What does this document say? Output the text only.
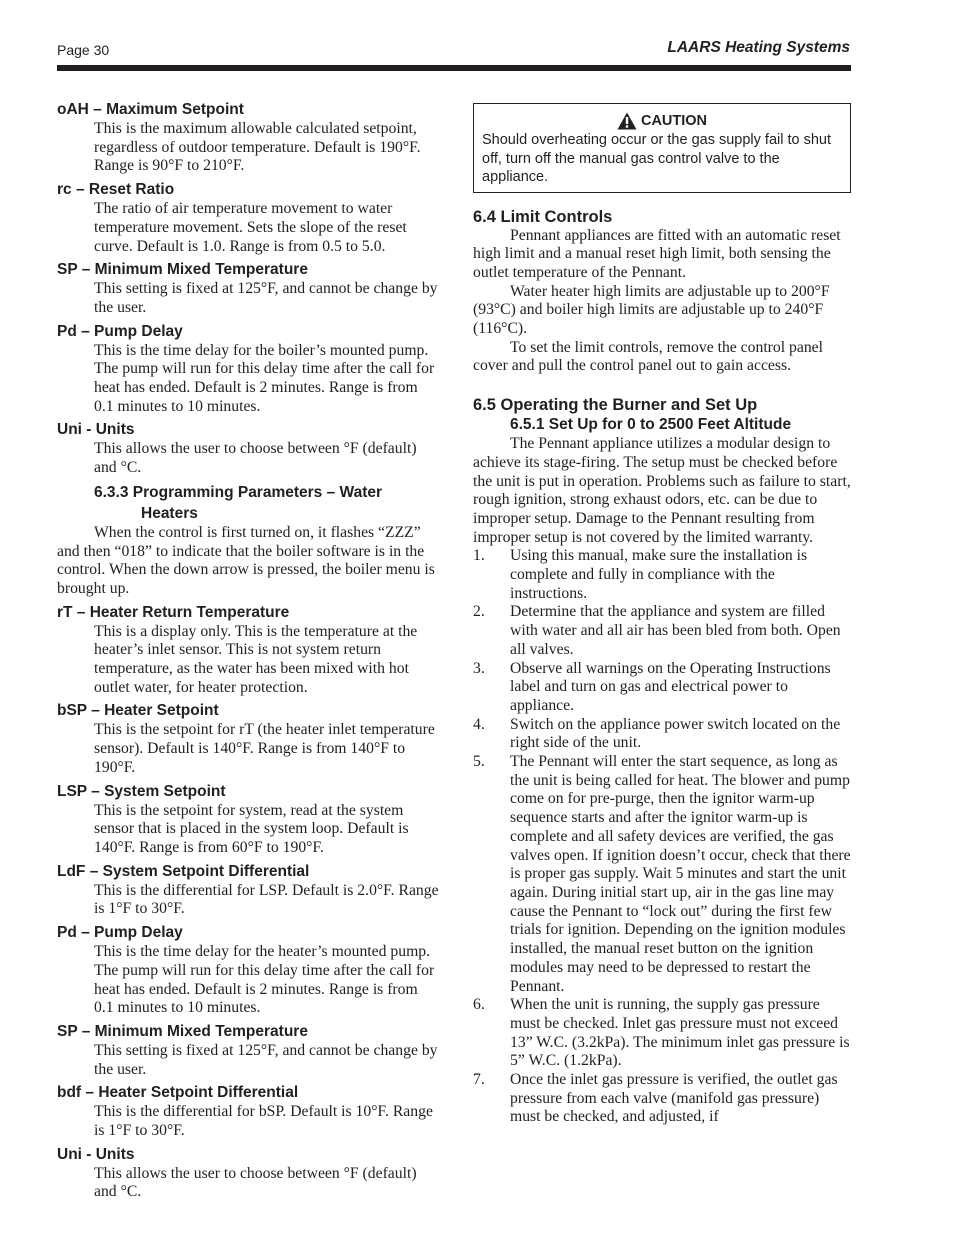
Page 30	LAARS Heating Systems
oAH – Maximum Setpoint
This is the maximum allowable calculated setpoint, regardless of outdoor temperature. Default is 190°F. Range is 90°F to 210°F.
rc – Reset Ratio
The ratio of air temperature movement to water temperature movement. Sets the slope of the reset curve. Default is 1.0. Range is from 0.5 to 5.0.
SP – Minimum Mixed Temperature
This setting is fixed at 125°F, and cannot be change by the user.
Pd – Pump Delay
This is the time delay for the boiler’s mounted pump. The pump will run for this delay time after the call for heat has ended. Default is 2 minutes. Range is from 0.1 minutes to 10 minutes.
Uni - Units
This allows the user to choose between °F (default) and °C.
6.3.3 Programming Parameters – Water
Heaters
When the control is first turned on, it flashes “ZZZ” and then “018” to indicate that the boiler software is in the control. When the down arrow is pressed, the boiler menu is brought up.
rT – Heater Return Temperature
This is a display only. This is the temperature at the heater’s inlet sensor. This is not system return temperature, as the water has been mixed with hot outlet water, for heater protection.
bSP – Heater Setpoint
This is the setpoint for rT (the heater inlet temperature sensor). Default is 140°F. Range is from 140°F to 190°F.
LSP – System Setpoint
This is the setpoint for system, read at the system sensor that is placed in the system loop. Default is 140°F. Range is from 60°F to 190°F.
LdF – System Setpoint Differential
This is the differential for LSP. Default is 2.0°F. Range is 1°F to 30°F.
Pd – Pump Delay
This is the time delay for the heater’s mounted pump. The pump will run for this delay time after the call for heat has ended. Default is 2 minutes. Range is from 0.1 minutes to 10 minutes.
SP – Minimum Mixed Temperature
This setting is fixed at 125°F, and cannot be change by the user.
bdf – Heater Setpoint Differential
This is the differential for bSP. Default is 10°F. Range is 1°F to 30°F.
Uni - Units
This allows the user to choose between °F (default) and °C.
CAUTION
Should overheating occur or the gas supply fail to shut off, turn off the manual gas control valve to the appliance.
6.4 Limit Controls
Pennant appliances are fitted with an automatic reset high limit and a manual reset high limit, both sensing the outlet temperature of the Pennant.
Water heater high limits are adjustable up to 200°F (93°C) and boiler high limits are adjustable up to 240°F (116°C).
To set the limit controls, remove the control panel cover and pull the control panel out to gain access.
6.5 Operating the Burner and Set Up
6.5.1 Set Up for 0 to 2500 Feet Altitude
The Pennant appliance utilizes a modular design to achieve its stage-firing. The setup must be checked before the unit is put in operation. Problems such as failure to start, rough ignition, strong exhaust odors, etc. can be due to improper setup. Damage to the Pennant resulting from improper setup is not covered by the limited warranty.
1. Using this manual, make sure the installation is complete and fully in compliance with the instructions.
2. Determine that the appliance and system are filled with water and all air has been bled from both. Open all valves.
3. Observe all warnings on the Operating Instructions label and turn on gas and electrical power to appliance.
4. Switch on the appliance power switch located on the right side of the unit.
5. The Pennant will enter the start sequence, as long as the unit is being called for heat. The blower and pump come on for pre-purge, then the ignitor warm-up sequence starts and after the ignitor warm-up is complete and all safety devices are verified, the gas valves open. If ignition doesn’t occur, check that there is proper gas supply. Wait 5 minutes and start the unit again. During initial start up, air in the gas line may cause the Pennant to “lock out” during the first few trials for ignition. Depending on the ignition modules installed, the manual reset button on the ignition modules may need to be depressed to restart the Pennant.
6. When the unit is running, the supply gas pressure must be checked. Inlet gas pressure must not exceed 13” W.C. (3.2kPa). The minimum inlet gas pressure is 5” W.C. (1.2kPa).
7. Once the inlet gas pressure is verified, the outlet gas pressure from each valve (manifold gas pressure) must be checked, and adjusted, if
